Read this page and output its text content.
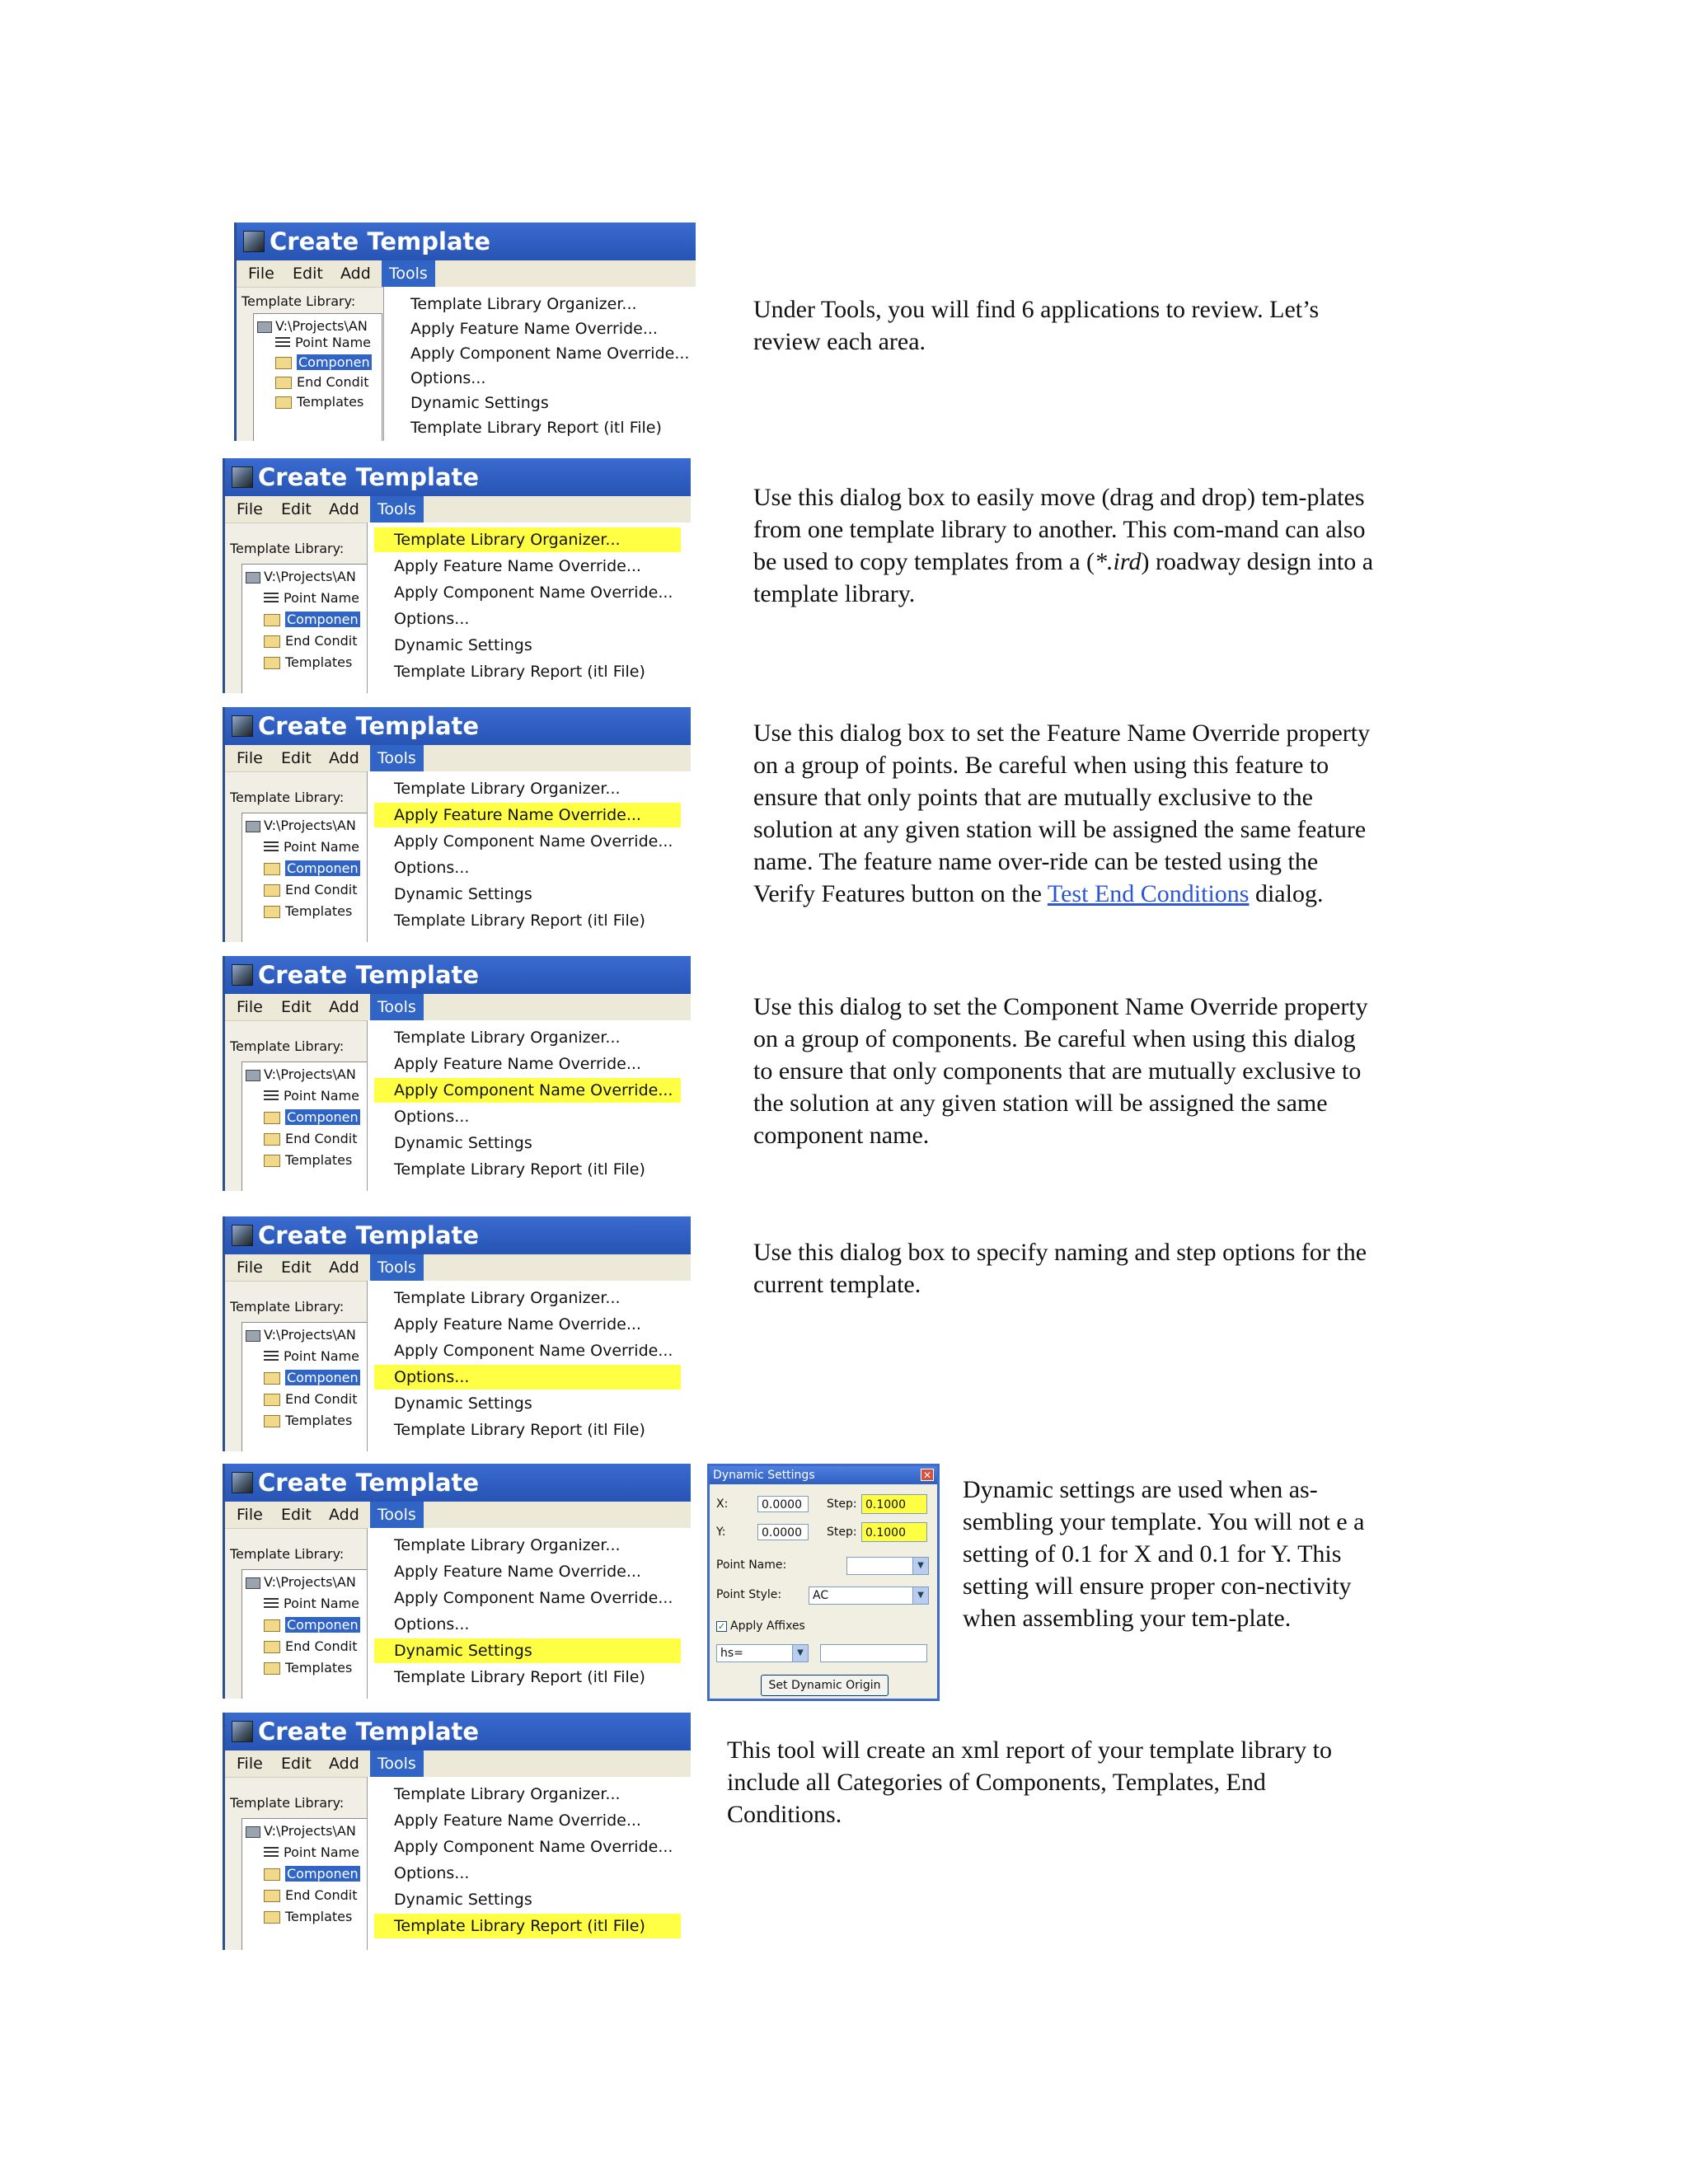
Create Template
File	Edit	Add	Tools
Template Library:
V:\Projects\AN
Point Name
Componen
End Condit
Templates
Template Library Organizer...
Apply Feature Name Override...
Apply Component Name Override...
Options...
Dynamic Settings
Template Library Report (itl File)
Under Tools, you will find 6 applications to review. Let’s review each area.
Create Template
File	Edit	Add	Tools
Template Library:
V:\Projects\AN
Point Name
Componen
End Condit
Templates
Template Library Organizer...
Apply Feature Name Override...
Apply Component Name Override...
Options...
Dynamic Settings
Template Library Report (itl File)
Use this dialog box to easily move (drag and drop) tem-plates from one template library to another. This com-mand can also be used to copy templates from a (*.ird) roadway design into a template library.
Create Template
File	Edit	Add	Tools
Template Library:
V:\Projects\AN
Point Name
Componen
End Condit
Templates
Template Library Organizer...
Apply Feature Name Override...
Apply Component Name Override...
Options...
Dynamic Settings
Template Library Report (itl File)
Use this dialog box to set the Feature Name Override property on a group of points. Be careful when using this feature to ensure that only points that are mutually exclusive to the solution at any given station will be assigned the same feature name. The feature name over-ride can be tested using the Verify Features button on the Test End Conditions dialog.
Create Template
File	Edit	Add	Tools
Template Library:
V:\Projects\AN
Point Name
Componen
End Condit
Templates
Template Library Organizer...
Apply Feature Name Override...
Apply Component Name Override...
Options...
Dynamic Settings
Template Library Report (itl File)
Use this dialog to set the Component Name Override property on a group of components. Be careful when using this dialog to ensure that only components that are mutually exclusive to the solution at any given station will be assigned the same component name.
Create Template
File	Edit	Add	Tools
Template Library:
V:\Projects\AN
Point Name
Componen
End Condit
Templates
Template Library Organizer...
Apply Feature Name Override...
Apply Component Name Override...
Options...
Dynamic Settings
Template Library Report (itl File)
Use this dialog box to specify naming and step options for the current template.
Create Template
File	Edit	Add	Tools
Template Library:
V:\Projects\AN
Point Name
Componen
End Condit
Templates
Template Library Organizer...
Apply Feature Name Override...
Apply Component Name Override...
Options...
Dynamic Settings
Template Library Report (itl File)
Dynamic Settings	✕
X:	0.0000	Step: 0.1000
Y:	0.0000	Step: 0.1000
Point Name:	▼
Point Style:	AC	▼
✓ Apply Affixes
hs=	▼
Set Dynamic Origin
Dynamic settings are used when as-sembling your template. You will not e a setting of 0.1 for X and 0.1 for Y. This setting will ensure proper con-nectivity when assembling your tem-plate.
Create Template
File	Edit	Add	Tools
Template Library:
V:\Projects\AN
Point Name
Componen
End Condit
Templates
Template Library Organizer...
Apply Feature Name Override...
Apply Component Name Override...
Options...
Dynamic Settings
Template Library Report (itl File)
This tool will create an xml report of your template library to include all Categories of Components, Templates, End Conditions.
